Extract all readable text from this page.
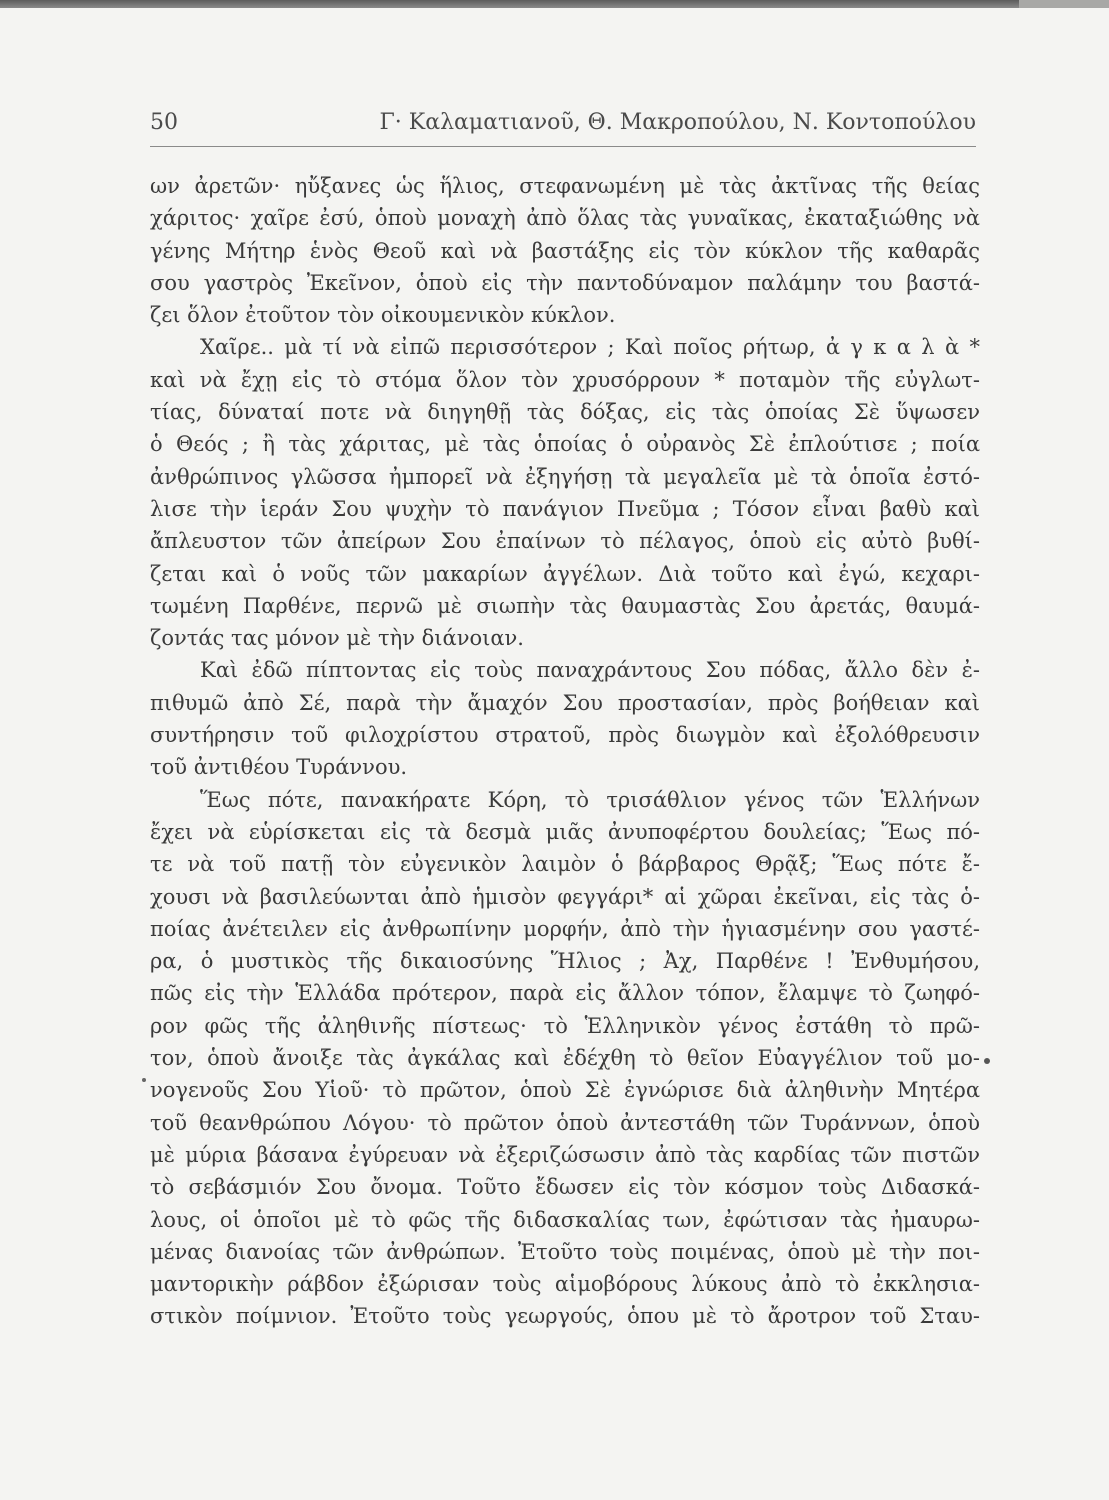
50	Γ· Καλαματιανοῦ, Θ. Μακροπούλου, Ν. Κοντοπούλου
ων ἀρετῶν· ηὔξανες ὡς ἥλιος, στεφανωμένη μὲ τὰς ἀκτῖνας τῆς θείας
χάριτος· χαῖρε ἐσύ, ὁποὺ μοναχὴ ἀπὸ ὅλας τὰς γυναῖκας, ἐκαταξιώθης νὰ
γένης Μήτηρ ἑνὸς Θεοῦ καὶ νὰ βαστάξης εἰς τὸν κύκλον τῆς καθαρᾶς
σου γαστρὸς Ἐκεῖνον, ὁποὺ εἰς τὴν παντοδύναμον παλάμην του βαστά-
ζει ὅλον ἐτοῦτον τὸν οἰκουμενικὸν κύκλον.
Χαῖρε.. μὰ τί νὰ εἰπῶ περισσότερον ; Καὶ ποῖος ρήτωρ, ἀ γ κ α λ ὰ *
καὶ νὰ ἔχῃ εἰς τὸ στόμα ὅλον τὸν χρυσόρρουν * ποταμὸν τῆς εὐγλωτ-
τίας, δύναταί ποτε νὰ διηγηθῇ τὰς δόξας, εἰς τὰς ὁποίας Σὲ ὕψωσεν
ὁ Θεός ; ἢ τὰς χάριτας, μὲ τὰς ὁποίας ὁ οὐρανὸς Σὲ ἐπλούτισε ; ποία
ἀνθρώπινος γλῶσσα ἠμπορεῖ νὰ ἐξηγήσῃ τὰ μεγαλεῖα μὲ τὰ ὁποῖα ἐστό-
λισε τὴν ἱεράν Σου ψυχὴν τὸ πανάγιον Πνεῦμα ; Τόσον εἶναι βαθὺ καὶ
ἄπλευστον τῶν ἀπείρων Σου ἐπαίνων τὸ πέλαγος, ὁποὺ εἰς αὐτὸ βυθί-
ζεται καὶ ὁ νοῦς τῶν μακαρίων ἀγγέλων. Διὰ τοῦτο καὶ ἐγώ, κεχαρι-
τωμένη Παρθένε, περνῶ μὲ σιωπὴν τὰς θαυμαστὰς Σου ἀρετάς, θαυμά-
ζοντάς τας μόνον μὲ τὴν διάνοιαν.
Καὶ ἐδῶ πίπτοντας εἰς τοὺς παναχράντους Σου πόδας, ἄλλο δὲν ἐ-
πιθυμῶ ἀπὸ Σέ, παρὰ τὴν ἄμαχόν Σου προστασίαν, πρὸς βοήθειαν καὶ
συντήρησιν τοῦ φιλοχρίστου στρατοῦ, πρὸς διωγμὸν καὶ ἐξολόθρευσιν
τοῦ ἀντιθέου Τυράννου.
Ἕως πότε, πανακήρατε Κόρη, τὸ τρισάθλιον γένος τῶν Ἑλλήνων
ἔχει νὰ εὑρίσκεται εἰς τὰ δεσμὰ μιᾶς ἀνυποφέρτου δουλείας; Ἕως πό-
τε νὰ τοῦ πατῇ τὸν εὐγενικὸν λαιμὸν ὁ βάρβαρος Θρᾷξ; Ἕως πότε ἔ-
χουσι νὰ βασιλεύωνται ἀπὸ ἡμισὸν φεγγάρι* αἱ χῶραι ἐκεῖναι, εἰς τὰς ὁ-
ποίας ἀνέτειλεν εἰς ἀνθρωπίνην μορφήν, ἀπὸ τὴν ἡγιασμένην σου γαστέ-
ρα, ὁ μυστικὸς τῆς δικαιοσύνης Ἥλιος ; Ἀχ, Παρθένε ! Ἐνθυμήσου,
πῶς εἰς τὴν Ἑλλάδα πρότερον, παρὰ εἰς ἄλλον τόπον, ἔλαμψε τὸ ζωηφό-
ρον φῶς τῆς ἀληθινῆς πίστεως· τὸ Ἑλληνικὸν γένος ἐστάθη τὸ πρῶ-
τον, ὁποὺ ἄνοιξε τὰς ἀγκάλας καὶ ἐδέχθη τὸ θεῖον Εὐαγγέλιον τοῦ μο-
νογενοῦς Σου Υἱοῦ· τὸ πρῶτον, ὁποὺ Σὲ ἐγνώρισε διὰ ἀληθινὴν Μητέρα
τοῦ θεανθρώπου Λόγου· τὸ πρῶτον ὁποὺ ἀντεστάθη τῶν Τυράννων, ὁποὺ
μὲ μύρια βάσανα ἐγύρευαν νὰ ἐξεριζώσωσιν ἀπὸ τὰς καρδίας τῶν πιστῶν
τὸ σεβάσμιόν Σου ὄνομα. Τοῦτο ἔδωσεν εἰς τὸν κόσμον τοὺς Διδασκά-
λους, οἱ ὁποῖοι μὲ τὸ φῶς τῆς διδασκαλίας των, ἐφώτισαν τὰς ἠμαυρω-
μένας διανοίας τῶν ἀνθρώπων. Ἐτοῦτο τοὺς ποιμένας, ὁποὺ μὲ τὴν ποι-
μαντορικὴν ράβδον ἐξώρισαν τοὺς αἱμοβόρους λύκους ἀπὸ τὸ ἐκκλησια-
στικὸν ποίμνιον. Ἐτοῦτο τοὺς γεωργούς, ὁπου μὲ τὸ ἄροτρον τοῦ Σταυ-
